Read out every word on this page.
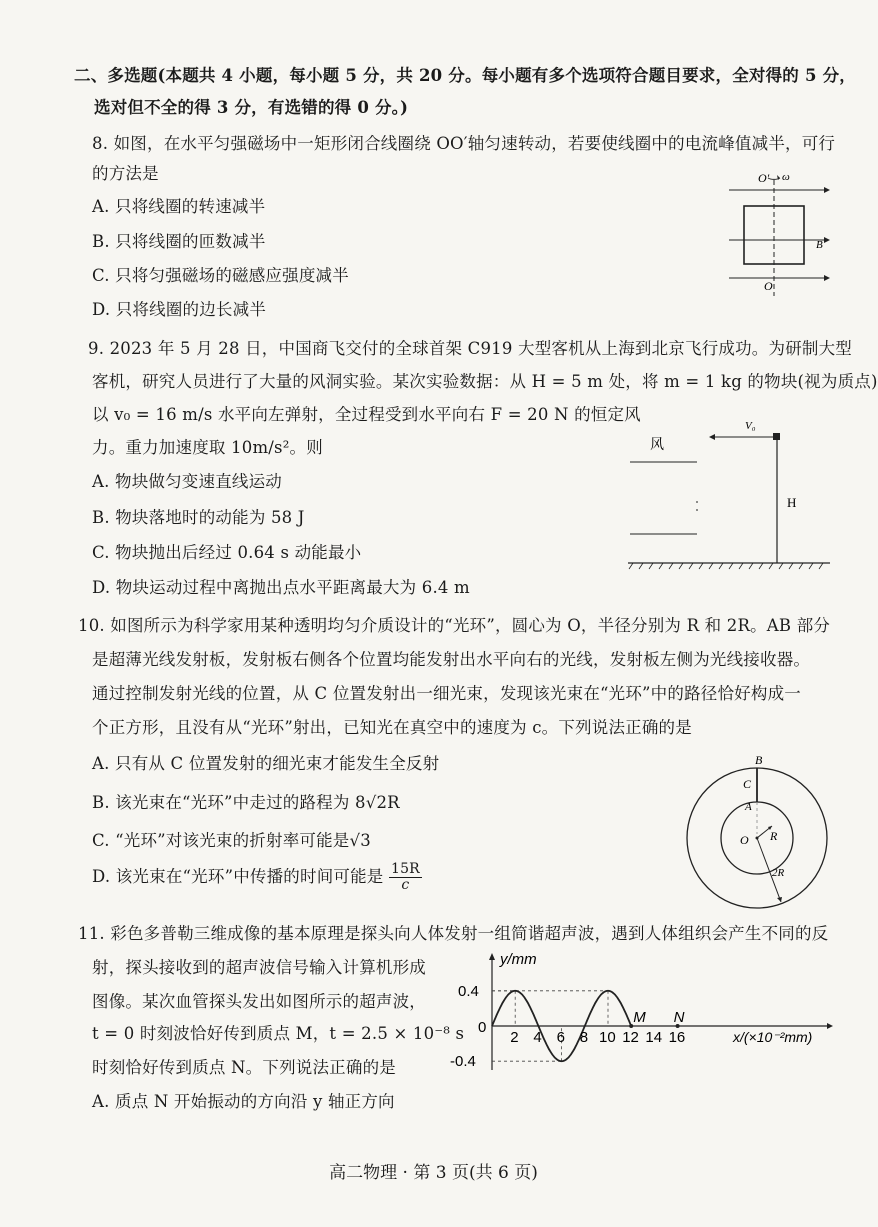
二、多选题(本题共 4 小题，每小题 5 分，共 20 分。每小题有多个选项符合题目要求，全对得的 5 分，
选对但不全的得 3 分，有选错的得 0 分。)
8. 如图，在水平匀强磁场中一矩形闭合线圈绕 OO′轴匀速转动，若要使线圈中的电流峰值减半，可行
的方法是
A. 只将线圈的转速减半
B. 只将线圈的匝数减半
C. 只将匀强磁场的磁感应强度减半
D. 只将线圈的边长减半
O′ ω
B
O
9. 2023 年 5 月 28 日，中国商飞交付的全球首架 C919 大型客机从上海到北京飞行成功。为研制大型
客机，研究人员进行了大量的风洞实验。某次实验数据：从 H = 5 m 处，将 m = 1 kg 的物块(视为质点)
以 v₀ = 16 m/s 水平向左弹射，全过程受到水平向右 F = 20 N 的恒定风
力。重力加速度取 10m/s²。则
A. 物块做匀变速直线运动
B. 物块落地时的动能为 58 J
C. 物块抛出后经过 0.64 s 动能最小
D. 物块运动过程中离抛出点水平距离最大为 6.4 m
风
V₀
H
10. 如图所示为科学家用某种透明均匀介质设计的“光环”，圆心为 O，半径分别为 R 和 2R。AB 部分
是超薄光线发射板，发射板右侧各个位置均能发射出水平向右的光线，发射板左侧为光线接收器。
通过控制发射光线的位置，从 C 位置发射出一细光束，发现该光束在“光环”中的路径恰好构成一
个正方形，且没有从“光环”射出，已知光在真空中的速度为 c。下列说法正确的是
A. 只有从 C 位置发射的细光束才能发生全反射
B. 该光束在“光环”中走过的路程为 8√2R
C. “光环”对该光束的折射率可能是√3
D. 该光束在“光环”中传播的时间可能是 $\frac{15R}{c}$
B
C
A
O R
2R
11. 彩色多普勒三维成像的基本原理是探头向人体发射一组简谐超声波，遇到人体组织会产生不同的反
射，探头接收到的超声波信号输入计算机形成
图像。某次血管探头发出如图所示的超声波，
t = 0 时刻波恰好传到质点 M，t = 2.5 × 10⁻⁸ s
时刻恰好传到质点 N。下列说法正确的是
A. 质点 N 开始振动的方向沿 y 轴正方向
0
2 4 6 8 10 12 14 16
0.4
-0.4
y/mm
x/(×10⁻²mm)
M N
高二物理 · 第 3 页(共 6 页)
